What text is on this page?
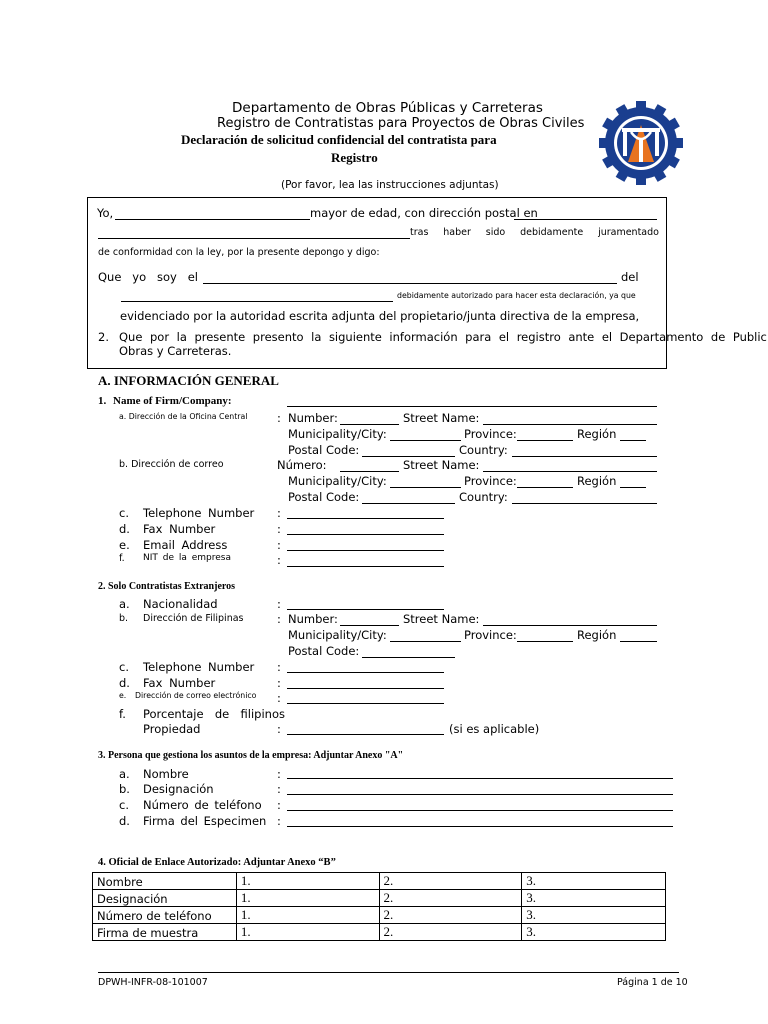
Departamento de Obras Públicas y Carreteras
Registro de Contratistas para Proyectos de Obras Civiles
Declaración de solicitud confidencial del contratista para
Registro
(Por favor, lea las instrucciones adjuntas)
Yo,	mayor de edad, con dirección postal en
tras haber sido debidamente juramentado
de conformidad con la ley, por la presente depongo y digo:
Que yo soy el	del
debidamente autorizado para hacer esta declaración, ya que
evidenciado por la autoridad escrita adjunta del propietario/junta directiva de la empresa,
2. Que por la presente presento la siguiente información para el registro ante el Departamento de Public
Obras y Carreteras.
A. INFORMACIÓN GENERAL
1. Name of Firm/Company:
a. Dirección de la Oficina Central	: Number:	Street Name:
Municipality/City:	Province:	Región
Postal Code:	Country:
b. Dirección de correo	Número:	Street Name:
Municipality/City:	Province:	Región
Postal Code:	Country:
c. Telephone Number :
d. Fax Number	:
e. Email Address	:
f. NIT de la empresa	:
2. Solo Contratistas Extranjeros
a. Nacionalidad	:
b. Dirección de Filipinas	: Number:	Street Name:
Municipality/City:	Province:	Región
Postal Code:
c. Telephone Number :
d. Fax Number	:
e. Dirección de correo electrónico :
f. Porcentaje de filipinos
Propiedad	:	(si es aplicable)
3. Persona que gestiona los asuntos de la empresa: Adjuntar Anexo "A"
a. Nombre	:
b. Designación	:
c. Número de teléfono :
d. Firma del Especimen :
4. Oficial de Enlace Autorizado: Adjuntar Anexo “B”
Nombre	1.	2.	3.
Designación	1.	2.	3.
Número de teléfono	1.	2.	3.
Firma de muestra	1.	2.	3.
DPWH-INFR-08-101007	Página 1 de 10
